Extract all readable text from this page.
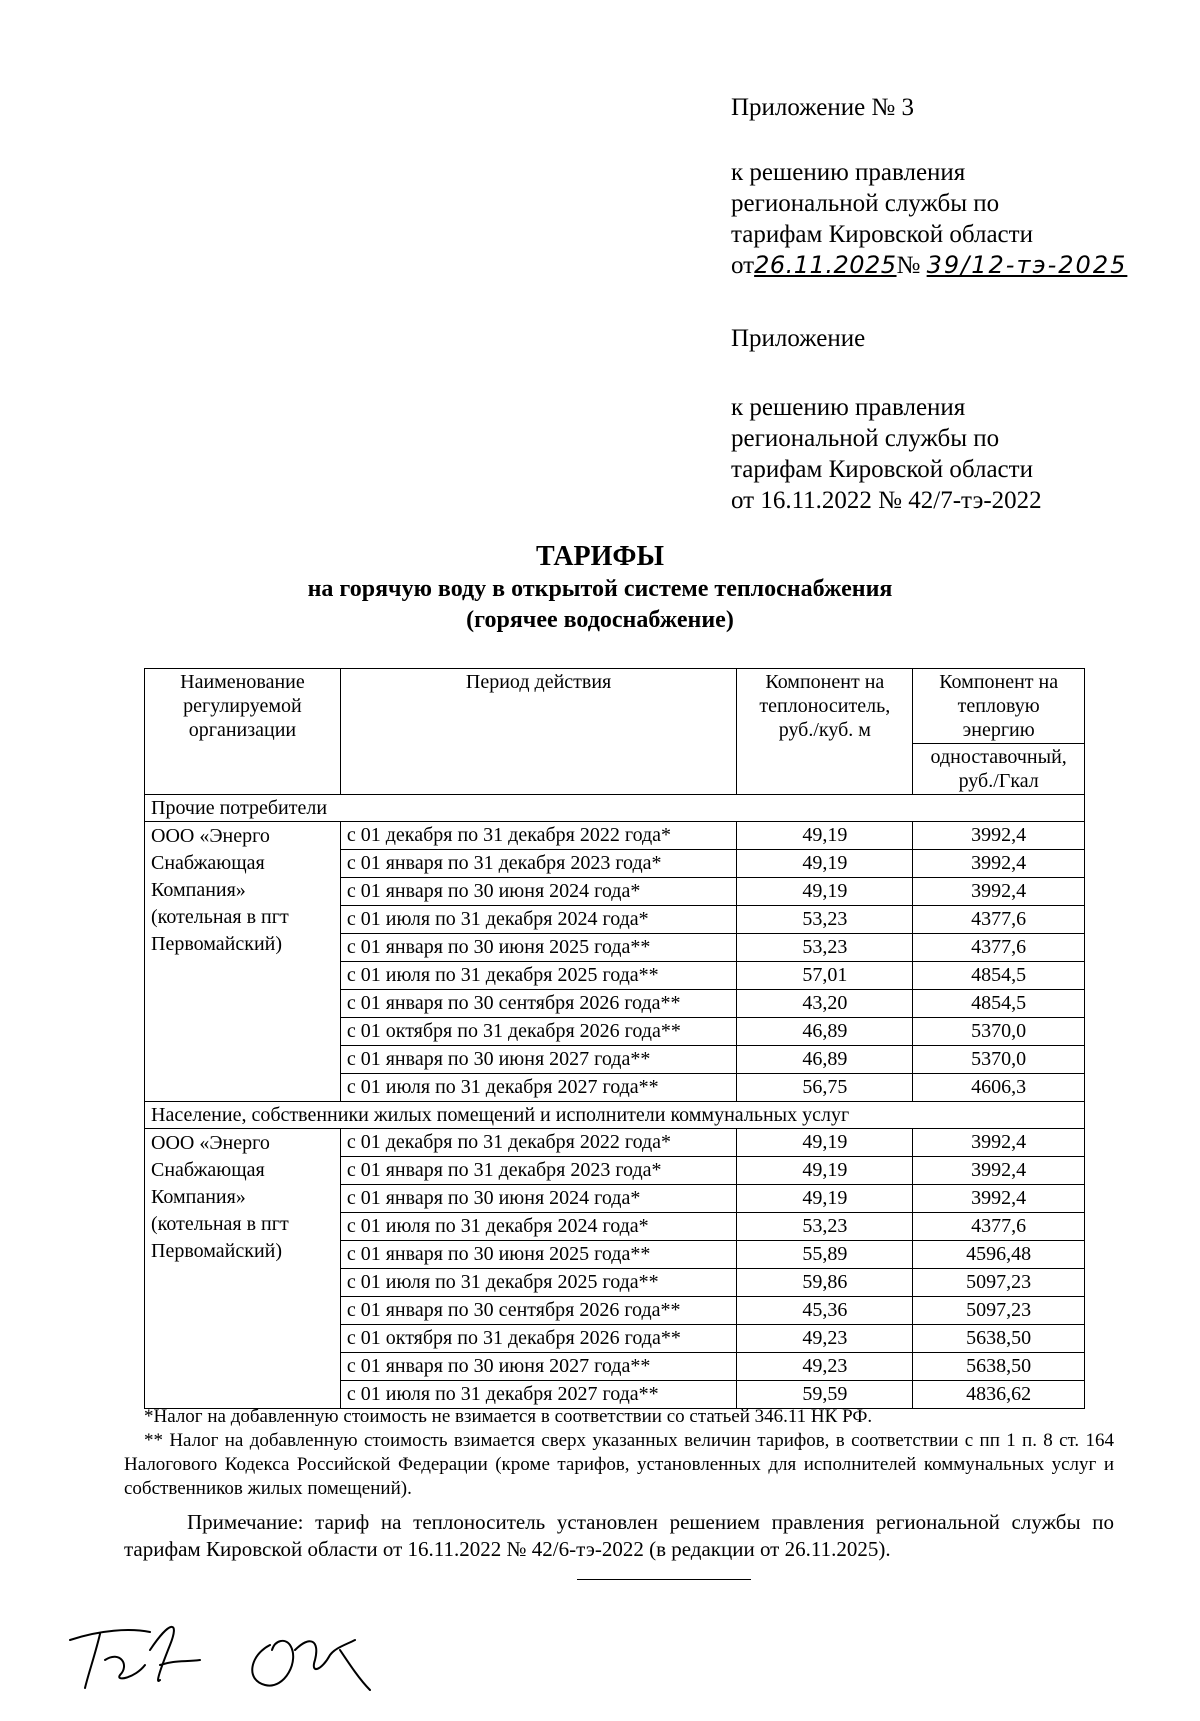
Приложение № 3

к решению правления

региональной службы по

тарифам Кировской области

от26.11.2025№ 39/12-тэ-2025

Приложение

к решению правления

региональной службы по

тарифам Кировской области

от 16.11.2022 № 42/7-тэ-2022

ТАРИФЫ
на горячую воду в открытой системе теплоснабжения
(горячее водоснабжение)
Наименование регулируемой организации	Период действия	Компонент на теплоноситель, руб./куб. м	Компонент на тепловую энергию
			одноставочный, руб./Гкал
Прочие потребители			
ООО «Энерго Снабжающая Компания» (котельная в пгт Первомайский)	с 01 декабря по 31 декабря 2022 года*	49,19	3992,4
	с 01 января по 31 декабря 2023 года*	49,19	3992,4
	с 01 января по 30 июня 2024 года*	49,19	3992,4
	с 01 июля по 31 декабря 2024 года*	53,23	4377,6
	с 01 января по 30 июня 2025 года**	53,23	4377,6
	с 01 июля по 31 декабря 2025 года**	57,01	4854,5
	с 01 января по 30 сентября 2026 года**	43,20	4854,5
	с 01 октября по 31 декабря 2026 года**	46,89	5370,0
	с 01 января по 30 июня 2027 года**	46,89	5370,0
	с 01 июля по 31 декабря 2027 года**	56,75	4606,3
Население, собственники жилых помещений и исполнители коммунальных услуг			
ООО «Энерго Снабжающая Компания» (котельная в пгт Первомайский)	с 01 декабря по 31 декабря 2022 года*	49,19	3992,4
	с 01 января по 31 декабря 2023 года*	49,19	3992,4
	с 01 января по 30 июня 2024 года*	49,19	3992,4
	с 01 июля по 31 декабря 2024 года*	53,23	4377,6
	с 01 января по 30 июня 2025 года**	55,89	4596,48
	с 01 июля по 31 декабря 2025 года**	59,86	5097,23
	с 01 января по 30 сентября 2026 года**	45,36	5097,23
	с 01 октября по 31 декабря 2026 года**	49,23	5638,50
	с 01 января по 30 июня 2027 года**	49,23	5638,50
	с 01 июля по 31 декабря 2027 года**	59,59	4836,62

*Налог на добавленную стоимость не взимается в соответствии со статьей 346.11 НК РФ.

** Налог на добавленную стоимость взимается сверх указанных величин тарифов, в соответствии с пп 1 п. 8 ст. 164 Налогового Кодекса Российской Федерации (кроме тарифов, установленных для исполнителей коммунальных услуг и собственников жилых помещений).

Примечание: тариф на теплоноситель установлен решением правления региональной службы по тарифам Кировской области от 16.11.2022 № 42/6-тэ-2022 (в редакции от 26.11.2025).
